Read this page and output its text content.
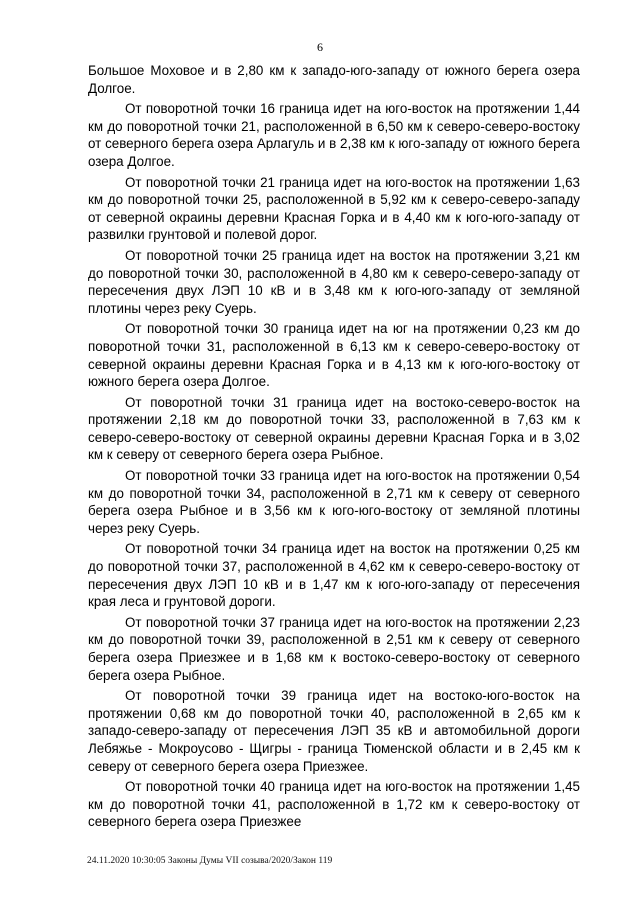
6

Большое Моховое и в 2,80 км к западо-юго-западу от южного берега озера Долгое.

От поворотной точки 16 граница идет на юго-восток на протяжении 1,44 км до поворотной точки 21, расположенной в 6,50 км к северо-северо-востоку от северного берега озера Арлагуль и в 2,38 км к юго-западу от южного берега озера Долгое.

От поворотной точки 21 граница идет на юго-восток на протяжении 1,63 км до поворотной точки 25, расположенной в 5,92 км к северо-северо-западу от северной окраины деревни Красная Горка и в 4,40 км к юго-юго-западу от развилки грунтовой и полевой дорог.

От поворотной точки 25 граница идет на восток на протяжении 3,21 км до поворотной точки 30, расположенной в 4,80 км к северо-северо-западу от пересечения двух ЛЭП 10 кВ и в 3,48 км к юго-юго-западу от земляной плотины через реку Суерь.

От поворотной точки 30 граница идет на юг на протяжении 0,23 км до поворотной точки 31, расположенной в 6,13 км к северо-северо-востоку от северной окраины деревни Красная Горка и в 4,13 км к юго-юго-востоку от южного берега озера Долгое.

От поворотной точки 31 граница идет на востоко-северо-восток на протяжении 2,18 км до поворотной точки 33, расположенной в 7,63 км к северо-северо-востоку от северной окраины деревни Красная Горка и в 3,02 км к северу от северного берега озера Рыбное.

От поворотной точки 33 граница идет на юго-восток на протяжении 0,54 км до поворотной точки 34, расположенной в 2,71 км к северу от северного берега озера Рыбное и в 3,56 км к юго-юго-востоку от земляной плотины через реку Суерь.

От поворотной точки 34 граница идет на восток на протяжении 0,25 км до поворотной точки 37, расположенной в 4,62 км к северо-северо-востоку от пересечения двух ЛЭП 10 кВ и в 1,47 км к юго-юго-западу от пересечения края леса и грунтовой дороги.

От поворотной точки 37 граница идет на юго-восток на протяжении 2,23 км до поворотной точки 39, расположенной в 2,51 км к северу от северного берега озера Приезжее и в 1,68 км к востоко-северо-востоку от северного берега озера Рыбное.

От поворотной точки 39 граница идет на востоко-юго-восток на протяжении 0,68 км до поворотной точки 40, расположенной в 2,65 км к западо-северо-западу от пересечения ЛЭП 35 кВ и автомобильной дороги Лебяжье - Мокроусово - Щигры - граница Тюменской области и в 2,45 км к северу от северного берега озера Приезжее.

От поворотной точки 40 граница идет на юго-восток на протяжении 1,45 км до поворотной точки 41, расположенной в 1,72 км к северо-востоку от северного берега озера Приезжее

24.11.2020 10:30:05 Законы Думы VII созыва/2020/Закон 119
